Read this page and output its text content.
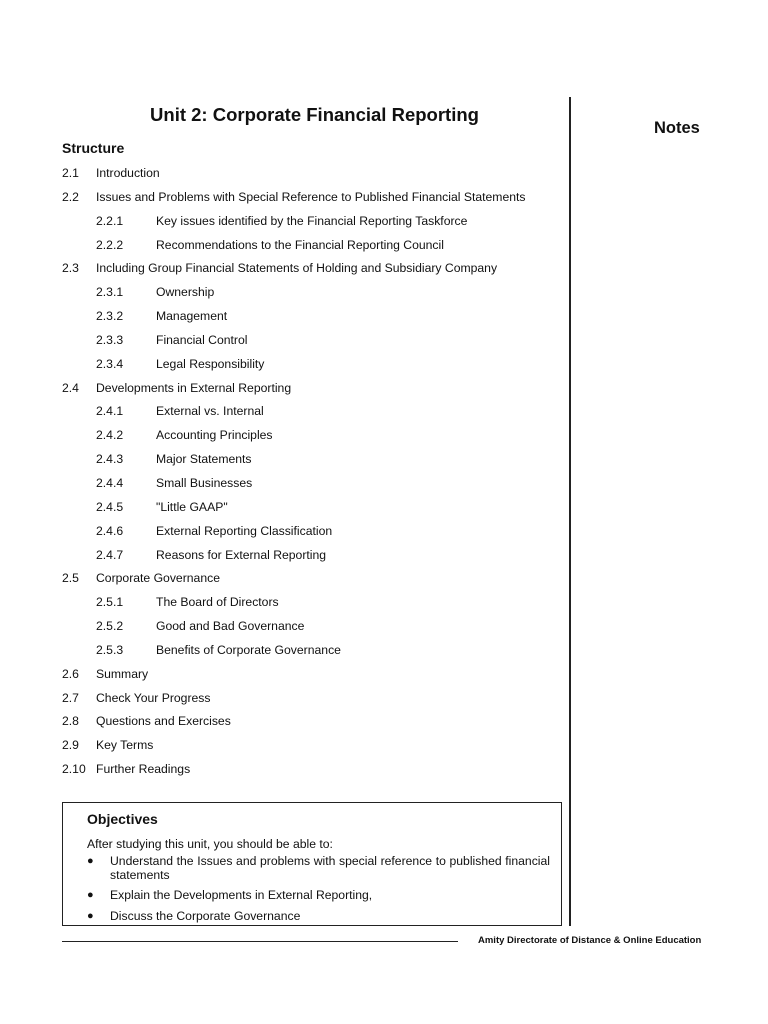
Unit 2: Corporate Financial Reporting
Notes
Structure
2.1 Introduction
2.2 Issues and Problems with Special Reference to Published Financial Statements
2.2.1	Key issues identified by the Financial Reporting Taskforce
2.2.2	Recommendations to the Financial Reporting Council
2.3 Including Group Financial Statements of Holding and Subsidiary Company
2.3.1	Ownership
2.3.2	Management
2.3.3	Financial Control
2.3.4	Legal Responsibility
2.4 Developments in External Reporting
2.4.1	External vs. Internal
2.4.2	Accounting Principles
2.4.3	Major Statements
2.4.4	Small Businesses
2.4.5	"Little GAAP"
2.4.6	External Reporting Classification
2.4.7	Reasons for External Reporting
2.5 Corporate Governance
2.5.1	The Board of Directors
2.5.2	Good and Bad Governance
2.5.3	Benefits of Corporate Governance
2.6 Summary
2.7 Check Your Progress
2.8 Questions and Exercises
2.9 Key Terms
2.10 Further Readings
Objectives
After studying this unit, you should be able to:
● Understand the Issues and problems with special reference to published financial statements
● Explain the Developments in External Reporting,
● Discuss the Corporate Governance
Amity Directorate of Distance & Online Education
